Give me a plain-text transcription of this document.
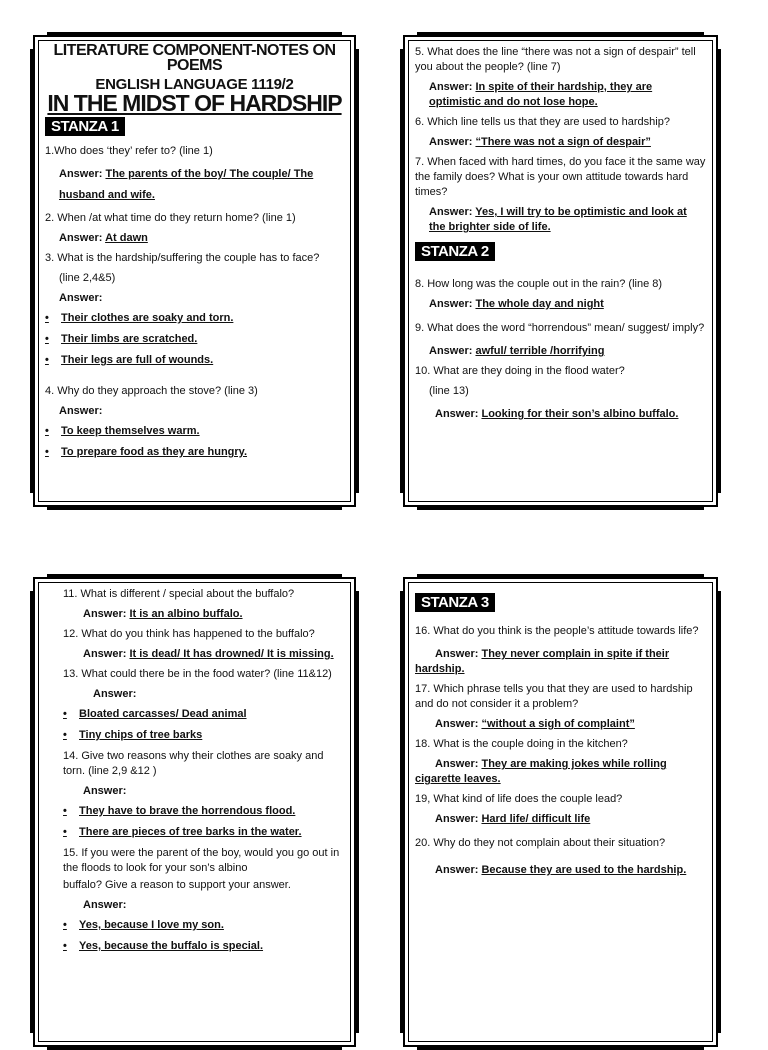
LITERATURE COMPONENT-NOTES ON POEMS

ENGLISH LANGUAGE 1119/2

IN THE MIDST OF HARDSHIP

STANZA 1

1.Who does ‘they’ refer to? (line 1)

Answer: The parents of the boy/ The couple/ The husband and wife.

2. When /at what time do they return home? (line 1)

Answer: At dawn

3. What is the hardship/suffering the couple has to face?

(line 2,4&5)

Answer:

•	Their clothes are soaky and torn.
•	Their limbs are scratched.
•	Their legs are full of wounds.

4. Why do they approach the stove? (line 3)

Answer:

•	To keep themselves warm.
•	To prepare food as they are hungry.

5. What does the line “there was not a sign of despair” tell you about the people? (line 7)

Answer: In spite of their hardship, they are optimistic and do not lose hope.

6. Which line tells us that they are used to hardship?

Answer: “There was not a sign of despair”

7. When faced with hard times, do you face it the same way the family does? What is your own attitude towards hard times?

Answer: Yes, I will try to be optimistic and look at the brighter side of life.

STANZA 2

8. How long was the couple out in the rain? (line 8)

Answer: The whole day and night

9. What does the word “horrendous” mean/ suggest/ imply?

Answer: awful/ terrible /horrifying

10. What are they doing in the flood water?

(line 13)

Answer: Looking for their son’s albino buffalo.

11. What is different / special about the buffalo?

Answer: It is an albino buffalo.

12. What do you think has happened to the buffalo?

Answer: It is dead/ It has drowned/ It is missing.

13. What could there be in the food water? (line 11&12)

Answer:

•	Bloated carcasses/ Dead animal
•	Tiny chips of tree barks

14. Give two reasons why their clothes are soaky and torn. (line 2,9 &12 )

Answer:

•	They have to brave the horrendous flood.
•	There are pieces of tree barks in the water.

15. If you were the parent of the boy, would you go out in the floods to look for your son’s albino

buffalo? Give a reason to support your answer.

Answer:

•	Yes, because I love my son.
•	Yes, because the buffalo is special.
STANZA 3

16. What do you think is the people’s attitude towards life?

Answer: They never complain in spite if their hardship.

17. Which phrase tells you that they are used to hardship and do not consider it a problem?

Answer: “without a sigh of complaint”

18. What is the couple doing in the kitchen?

Answer: They are making jokes while rolling cigarette leaves.

19, What kind of life does the couple lead?

Answer: Hard life/ difficult life

20. Why do they not complain about their situation?

Answer: Because they are used to the hardship.
